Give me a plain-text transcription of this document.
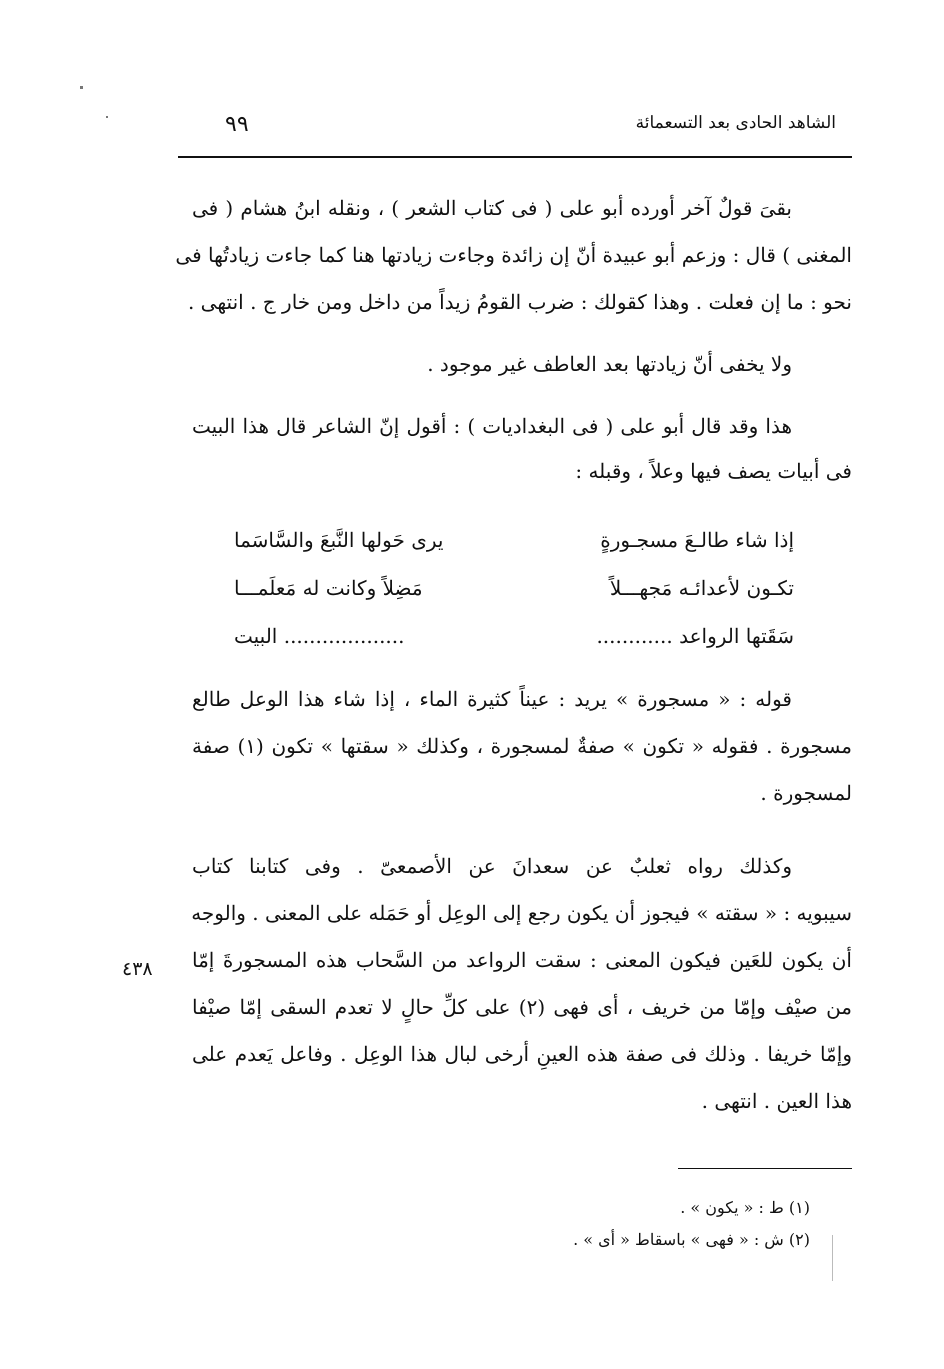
الشاهد الحادى بعد التسعمائة
٩٩
بقىَ قولٌ آخر أورده أبو على ( فى كتاب الشعر ) ، ونقله ابنُ هشام ( فى
المغنى ) قال : وزعم أبو عبيدة أنّ إن زائدة وجاءت زيادتها هنا كما جاءت زيادتُها فى
نحو : ما إن فعلت . وهذا كقولك : ضرب القومُ زيداً من داخل ومن خار ج . انتهى .
ولا يخفى أنّ زيادتها بعد العاطف غير موجود .
هذا وقد قال أبو على ( فى البغداديات ) : أقول إنّ الشاعر قال هذا البيت
فى أبيات يصف فيها وعلاً ، وقبله :
إذا شاء طالـعَ مسجـورةٍ
يرى حَولها النَّبعَ والسَّاسَما
تكـون لأعدائـه مَجهـــلاً
مَضِلاً وكانت له مَعلَمـــا
سَقَتها الرواعد ............
................... البيت
قوله : « مسجورة » يريد : عيناً كثيرة الماء ، إذا شاء هذا الوعل طالع
مسجورة . فقوله « تكون » صفةٌ لمسجورة ، وكذلك « سقتها » تكون (١) صفة
لمسجورة .
وكذلك رواه ثعلبٌ عن سعدانَ عن الأصمعىّ . وفى كتابنا كتاب
سيبويه : « سقته » فيجوز أن يكون رجع إلى الوعِل أو حَمَله على المعنى . والوجه
أن يكون للعَين فيكون المعنى : سقت الرواعد من السَّحاب هذه المسجورةَ إمّا
من صيْف وإمّا من خريف ، أى فهى (٢) على كلِّ حالٍ لا تعدم السقى إمّا صيْفا
وإمّا خريفا . وذلك فى صفة هذه العينِ أرخى لبال هذا الوعِل . وفاعل يَعدم على
هذا العين . انتهى .
٤٣٨
(١) ط : « يكون » .
(٢) ش : « فهى » باسقاط « أى » .
